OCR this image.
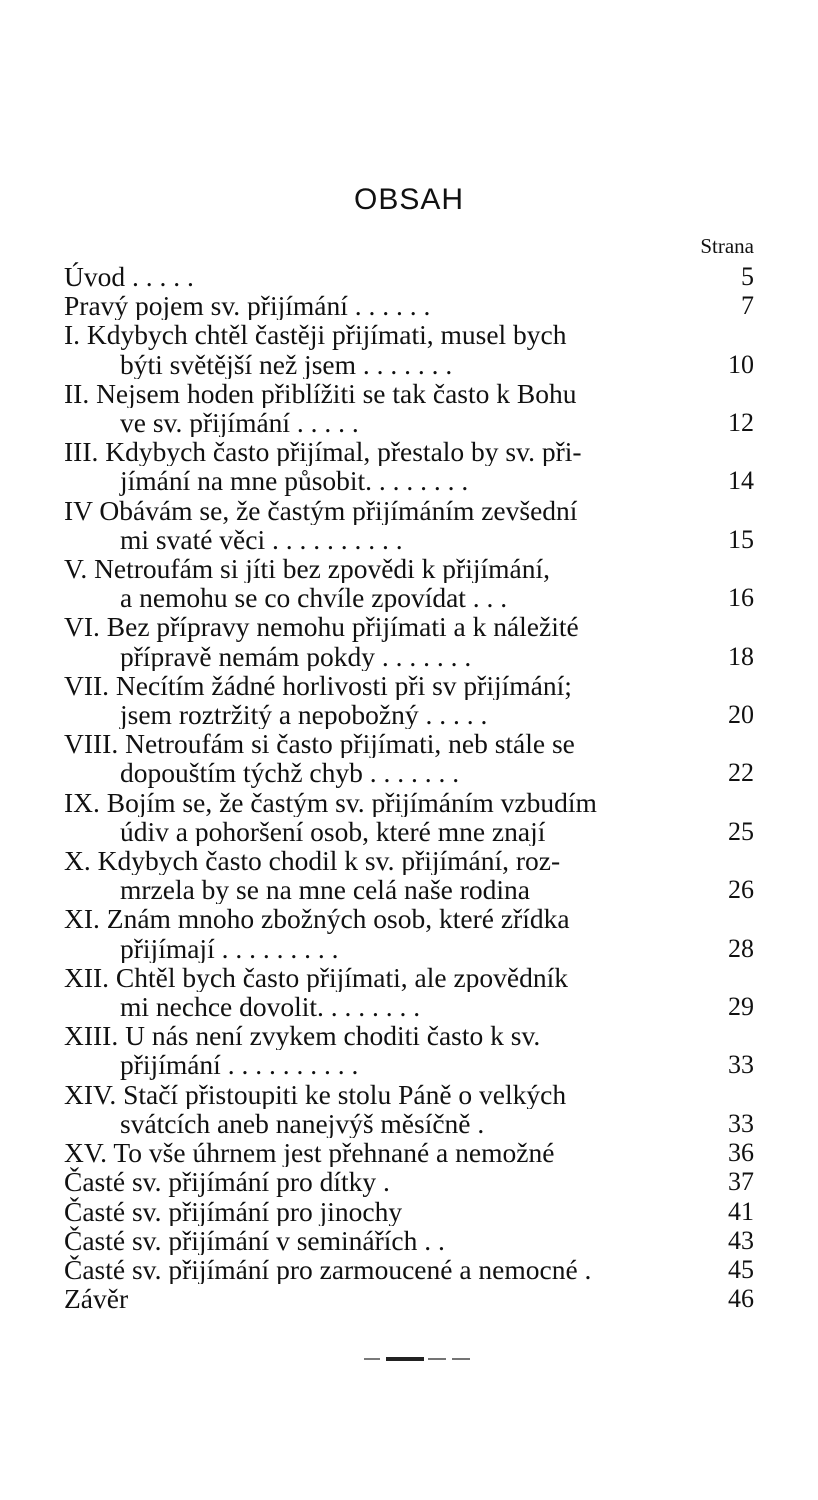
OBSAH
Strana
Úvod . . . . .	5
Pravý pojem sv. přijímání . . . . . .	7
I. Kdybych chtěl častěji přijímati, musel bych
býti světější než jsem . . . . . . .	10
II. Nejsem hoden přiblížiti se tak často k Bohu
ve sv. přijímání . . . . .	12
III. Kdybych často přijímal, přestalo by sv. při-
jímání na mne působit. . . . . . . .	14
IV Obávám se, že častým přijímáním zevšední
mi svaté věci . . . . . . . . . .	15
V. Netroufám si jíti bez zpovědi k přijímání,
a nemohu se co chvíle zpovídat . . .	16
VI. Bez přípravy nemohu přijímati a k náležité
přípravě nemám pokdy . . . . . . .	18
VII. Necítím žádné horlivosti při sv přijímání;
jsem roztržitý a nepobožný . . . . .	20
VIII. Netroufám si často přijímati, neb stále se
dopouštím týchž chyb . . . . . . .	22
IX. Bojím se, že častým sv. přijímáním vzbudím
údiv a pohoršení osob, které mne znají	25
X. Kdybych často chodil k sv. přijímání, roz-
mrzela by se na mne celá naše rodina	26
XI. Znám mnoho zbožných osob, které zřídka
přijímají . . . . . . . . .	28
XII. Chtěl bych často přijímati, ale zpovědník
mi nechce dovolit. . . . . . . .	29
XIII. U nás není zvykem choditi často k sv.
přijímání . . . . . . . . . .	33
XIV. Stačí přistoupiti ke stolu Páně o velkých
svátcích aneb nanejvýš měsíčně .	33
XV. To vše úhrnem jest přehnané a nemožné	36
Časté sv. přijímání pro dítky .	37
Časté sv. přijímání pro jinochy	41
Časté sv. přijímání v seminářích . .	43
Časté sv. přijímání pro zarmoucené a nemocné .	45
Závěr	46
